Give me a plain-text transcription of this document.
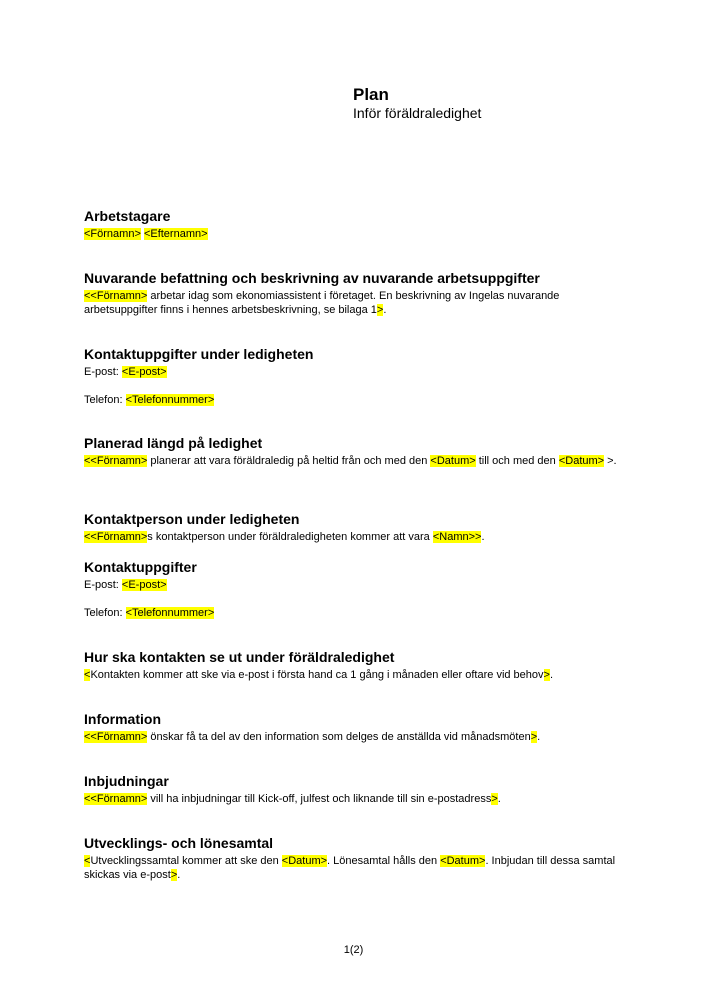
Plan
Inför föräldraledighet
Arbetstagare
<Förnamn> <Efternamn>
Nuvarande befattning och beskrivning av nuvarande arbetsuppgifter
<<Förnamn> arbetar idag som ekonomiassistent i företaget. En beskrivning av Ingelas nuvarande arbetsuppgifter finns i hennes arbetsbeskrivning, se bilaga 1>.
Kontaktuppgifter under ledigheten
E-post: <E-post>
Telefon: <Telefonnummer>
Planerad längd på ledighet
<<Förnamn> planerar att vara föräldraledig på heltid från och med den <Datum> till och med den <Datum> >.
Kontaktperson under ledigheten
<<Förnamn>s kontaktperson under föräldraledigheten kommer att vara <Namn>>.
Kontaktuppgifter
E-post: <E-post>
Telefon: <Telefonnummer>
Hur ska kontakten se ut under föräldraledighet
<Kontakten kommer att ske via e-post i första hand ca 1 gång i månaden eller oftare vid behov>.
Information
<<Förnamn> önskar få ta del av den information som delges de anställda vid månadsmöten>.
Inbjudningar
<<Förnamn> vill ha inbjudningar till Kick-off, julfest och liknande till sin e-postadress>.
Utvecklings- och lönesamtal
<Utvecklingssamtal kommer att ske den <Datum>. Lönesamtal hålls den <Datum>. Inbjudan till dessa samtal skickas via e-post>.
1(2)
